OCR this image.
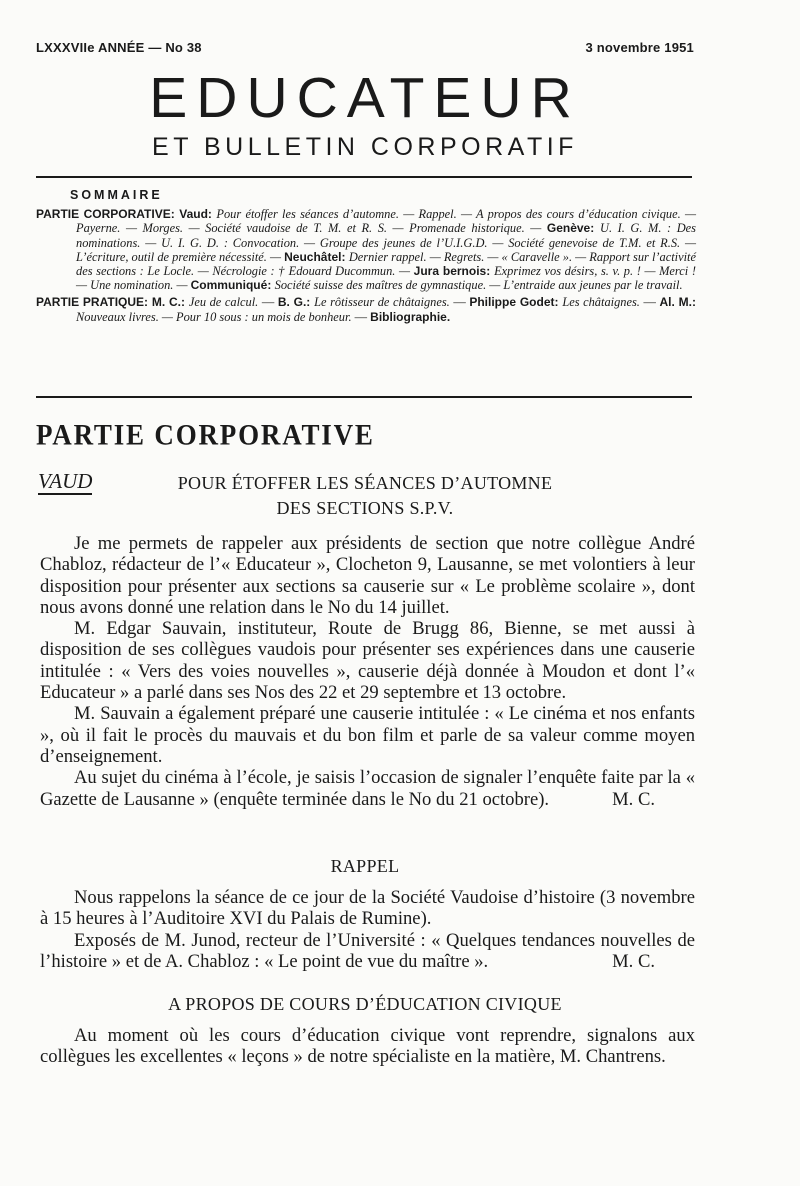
LXXXVIIe ANNÉE — No 38	3 novembre 1951
EDUCATEUR
ET BULLETIN CORPORATIF
SOMMAIRE

PARTIE CORPORATIVE: Vaud: Pour étoffer les séances d’automne. — Rappel. — A propos des cours d’éducation civique. — Payerne. — Morges. — Société vaudoise de T. M. et R. S. — Promenade historique. — Genève: U. I. G. M. : Des nominations. — U. I. G. D. : Convocation. — Groupe des jeunes de l’U.I.G.D. — Société genevoise de T.M. et R.S. — L’écriture, outil de première nécessité. — Neuchâtel: Dernier rappel. — Regrets. — « Caravelle ». — Rapport sur l’activité des sections : Le Locle. — Nécrologie : † Edouard Ducommun. — Jura bernois: Exprimez vos désirs, s. v. p. ! — Merci ! — Une nomination. — Communiqué: Société suisse des maîtres de gymnastique. — L’entraide aux jeunes par le travail.

PARTIE PRATIQUE: M. C.: Jeu de calcul. — B. G.: Le rôtisseur de châtaignes. — Philippe Godet: Les châtaignes. — Al. M.: Nouveaux livres. — Pour 10 sous : un mois de bonheur. — Bibliographie.

PARTIE CORPORATIVE
VAUD	POUR ÉTOFFER LES SÉANCES D’AUTOMNE
DES SECTIONS S.P.V.

Je me permets de rappeler aux présidents de section que notre collègue André Chabloz, rédacteur de l’« Educateur », Clocheton 9, Lausanne, se met volontiers à leur disposition pour présenter aux sections sa causerie sur « Le problème scolaire », dont nous avons donné une relation dans le No du 14 juillet.

M. Edgar Sauvain, instituteur, Route de Brugg 86, Bienne, se met aussi à disposition de ses collègues vaudois pour présenter ses expériences dans une causerie intitulée : « Vers des voies nouvelles », causerie déjà donnée à Moudon et dont l’« Educateur » a parlé dans ses Nos des 22 et 29 septembre et 13 octobre.

M. Sauvain a également préparé une causerie intitulée : « Le cinéma et nos enfants », où il fait le procès du mauvais et du bon film et parle de sa valeur comme moyen d’enseignement.

Au sujet du cinéma à l’école, je saisis l’occasion de signaler l’enquête faite par la « Gazette de Lausanne » (enquête terminée dans le No du 21 octobre).	M. C.

RAPPEL

Nous rappelons la séance de ce jour de la Société Vaudoise d’histoire (3 novembre à 15 heures à l’Auditoire XVI du Palais de Rumine).

Exposés de M. Junod, recteur de l’Université : « Quelques tendances nouvelles de l’histoire » et de A. Chabloz : « Le point de vue du maître ».	M. C.

A PROPOS DE COURS D’ÉDUCATION CIVIQUE

Au moment où les cours d’éducation civique vont reprendre, signalons aux collègues les excellentes « leçons » de notre spécialiste en la matière, M. Chantrens.
